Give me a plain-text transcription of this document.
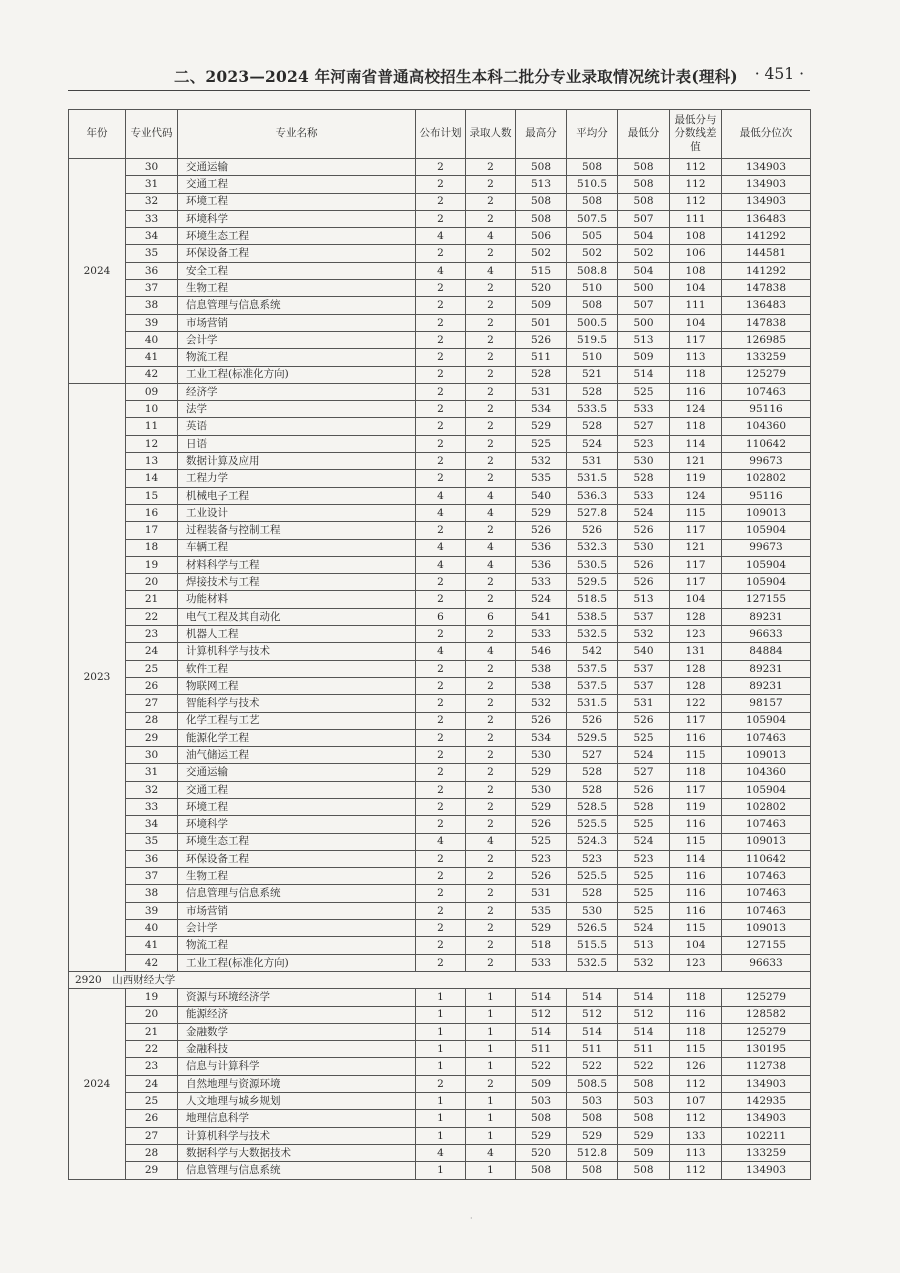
二、2023—2024 年河南省普通高校招生本科二批分专业录取情况统计表(理科) · 451 ·
年份	专业代码	专业名称	公布计划	录取人数	最高分	平均分	最低分	最低分与分数线差值	最低分位次
2024	30	交通运输	2	2	508	508	508	112	134903
	31	交通工程	2	2	513	510.5	508	112	134903
	32	环境工程	2	2	508	508	508	112	134903
	33	环境科学	2	2	508	507.5	507	111	136483
	34	环境生态工程	4	4	506	505	504	108	141292
	35	环保设备工程	2	2	502	502	502	106	144581
	36	安全工程	4	4	515	508.8	504	108	141292
	37	生物工程	2	2	520	510	500	104	147838
	38	信息管理与信息系统	2	2	509	508	507	111	136483
	39	市场营销	2	2	501	500.5	500	104	147838
	40	会计学	2	2	526	519.5	513	117	126985
	41	物流工程	2	2	511	510	509	113	133259
	42	工业工程(标准化方向)	2	2	528	521	514	118	125279
2023	09	经济学	2	2	531	528	525	116	107463
	10	法学	2	2	534	533.5	533	124	95116
	11	英语	2	2	529	528	527	118	104360
	12	日语	2	2	525	524	523	114	110642
	13	数据计算及应用	2	2	532	531	530	121	99673
	14	工程力学	2	2	535	531.5	528	119	102802
	15	机械电子工程	4	4	540	536.3	533	124	95116
	16	工业设计	4	4	529	527.8	524	115	109013
	17	过程装备与控制工程	2	2	526	526	526	117	105904
	18	车辆工程	4	4	536	532.3	530	121	99673
	19	材料科学与工程	4	4	536	530.5	526	117	105904
	20	焊接技术与工程	2	2	533	529.5	526	117	105904
	21	功能材料	2	2	524	518.5	513	104	127155
	22	电气工程及其自动化	6	6	541	538.5	537	128	89231
	23	机器人工程	2	2	533	532.5	532	123	96633
	24	计算机科学与技术	4	4	546	542	540	131	84884
	25	软件工程	2	2	538	537.5	537	128	89231
	26	物联网工程	2	2	538	537.5	537	128	89231
	27	智能科学与技术	2	2	532	531.5	531	122	98157
	28	化学工程与工艺	2	2	526	526	526	117	105904
	29	能源化学工程	2	2	534	529.5	525	116	107463
	30	油气储运工程	2	2	530	527	524	115	109013
	31	交通运输	2	2	529	528	527	118	104360
	32	交通工程	2	2	530	528	526	117	105904
	33	环境工程	2	2	529	528.5	528	119	102802
	34	环境科学	2	2	526	525.5	525	116	107463
	35	环境生态工程	4	4	525	524.3	524	115	109013
	36	环保设备工程	2	2	523	523	523	114	110642
	37	生物工程	2	2	526	525.5	525	116	107463
	38	信息管理与信息系统	2	2	531	528	525	116	107463
	39	市场营销	2	2	535	530	525	116	107463
	40	会计学	2	2	529	526.5	524	115	109013
	41	物流工程	2	2	518	515.5	513	104	127155
	42	工业工程(标准化方向)	2	2	533	532.5	532	123	96633
2920　山西财经大学									
2024	19	资源与环境经济学	1	1	514	514	514	118	125279
	20	能源经济	1	1	512	512	512	116	128582
	21	金融数学	1	1	514	514	514	118	125279
	22	金融科技	1	1	511	511	511	115	130195
	23	信息与计算科学	1	1	522	522	522	126	112738
	24	自然地理与资源环境	2	2	509	508.5	508	112	134903
	25	人文地理与城乡规划	1	1	503	503	503	107	142935
	26	地理信息科学	1	1	508	508	508	112	134903
	27	计算机科学与技术	1	1	529	529	529	133	102211
	28	数据科学与大数据技术	4	4	520	512.8	509	113	133259
	29	信息管理与信息系统	1	1	508	508	508	112	134903
·
